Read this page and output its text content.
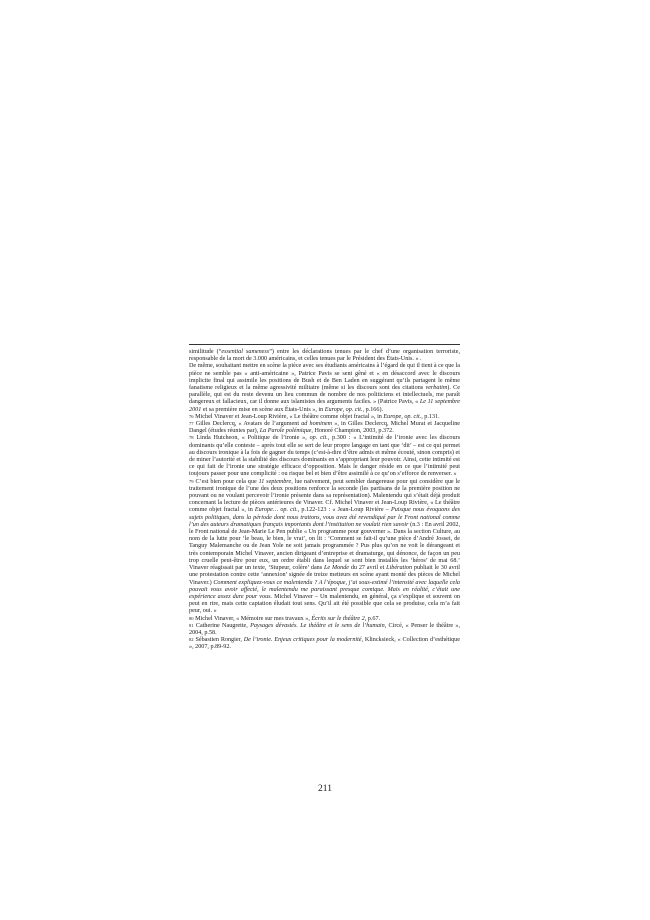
similitude (“essential sameness”) entre les déclarations tenues par le chef d’une organisation terroriste, responsable de la mort de 3.000 américains, et celles tenues par le Président des États-Unis. » .

De même, souhaitant mettre en scène la pièce avec ses étudiants américains à l’égard de qui il tient à ce que la pièce ne semble pas « anti-américaine », Patrice Pavis se sent gêné et « en désaccord avec le discours implicite final qui assimile les positions de Bush et de Ben Laden en suggérant qu’ils partagent le même fanatisme religieux et la même agressivité militaire (même si les discours sont des citations verbatim). Ce parallèle, qui est du reste devenu un lieu commun de nombre de nos politiciens et intellectuels, me paraît dangereux et fallacieux, car il donne aux islamistes des arguments faciles. » (Patrice Pavis, « Le 11 septembre 2001 et sa première mise en scène aux États-Unis », in Europe, op. cit., p.166).

$^{76}$ Michel Vinaver et Jean-Loup Rivière, « Le théâtre comme objet fractal », in Europe, op. cit., p.131.

$^{77}$ Gilles Declercq, « Avatars de l’argument ad hominem », in Gilles Declercq, Michel Murat et Jacqueline Dangel (études réunies par), La Parole polémique, Honoré Champion, 2003, p.372.

$^{78}$ Linda Hutcheon, « Politique de l’ironie », op. cit., p.300 : « L’intimité de l’ironie avec les discours dominants qu’elle conteste – après tout elle se sert de leur propre langage en tant que ‘dit’ – est ce qui permet au discours ironique à la fois de gagner du temps (c’est-à-dire d’être admis et même écouté, sinon compris) et de miner l’autorité et la stabilité des discours dominants en s’appropriant leur pouvoir. Ainsi, cette intimité est ce qui fait de l’ironie une stratégie efficace d’opposition. Mais le danger réside en ce que l’intimité peut toujours passer pour une complicité : ou risque bel et bien d’être assimilé à ce qu’on s’efforce de renverser. »

$^{79}$ C’est bien pour cela que 11 septembre, lue naïvement, peut sembler dangereuse pour qui considère que le traitement ironique de l’une des deux positions renforce la seconde (les partisans de la première position ne pouvant ou ne voulant percevoir l’ironie présente dans sa représentation). Malentendu qui s’était déjà produit concernant la lecture de pièces antérieures de Vinaver. Cf. Michel Vinaver et Jean-Loup Rivière, « Le théâtre comme objet fractal », in Europe… op. cit., p.122-123 : « Jean-Loup Rivière – Puisque nous évoquons des sujets politiques, dans la période dont nous traitons, vous avez été revendiqué par le Front national comme l’un des auteurs dramatiques français importants dont l’institution ne voulait rien savoir (n.3 : En avril 2002, le Front national de Jean-Marie Le Pen publie « Un programme pour gouverner ». Dans la section Culture, au nom de la lutte pour ‘le beau, le bien, le vrai’, on lit : ‘Comment se fait-il qu’une pièce d’André Josset, de Tanguy Malemanche ou de Jean Yole ne soit jamais programmée ? Pus plus qu’on ne voit le dérangeant et très contemporain Michel Vinaver, ancien dirigeant d’entreprise et dramaturge, qui dénonce, de façon un peu trop cruelle peut-être pour eux, un ordre établi dans lequel se sont bien installés les ‘héros’ de mai 68.’ Vinaver réagissait par un texte, ‘Stupeur, colère’ dans Le Monde du 27 avril et Libération publiait le 30 avril une protestation contre cette ‘annexion’ signée de treize metteurs en scène ayant monté des pièces de Michel Vinaver.) Comment expliquez-vous ce malentendu ? A l’époque, j’ai sous-estimé l’intensité avec laquelle cela pouvait vous avoir affecté, le malentendu me paraissant presque comique. Mais en réalité, c’était une expérience assez dure pour vous. Michel Vinaver – Un malentendu, en général, ça s’explique et souvent on peut en rire, mais cette captation éludait tout sens. Qu’il ait été possible que cela se produise, cela m’a fait peur, oui. »

$^{80}$ Michel Vinaver, « Mémoire sur mes travaux », Écrits sur le théâtre 2, p.67.

$^{81}$ Catherine Naugrette, Paysages dévastés. Le théâtre et le sens de l’humain, Circé, « Penser le théâtre », 2004, p.58.

$^{82}$ Sébastien Rongier, De l’ironie. Enjeux critiques pour la modernité, Klincksieck, « Collection d’esthétique », 2007, p.89-92.

211
